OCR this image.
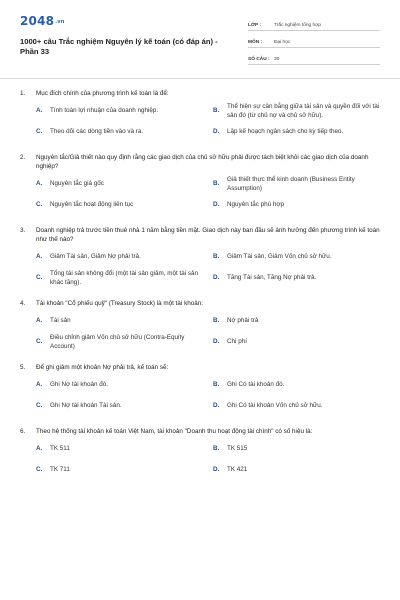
2048.vn
1000+ câu Trắc nghiệm Nguyên lý kế toán (có đáp án) - Phần 33
LỚP :	Trắc nghiệm tổng hợp
MÔN :	Đại học
SỐ CÂU : 30
1.	Mục đích chính của phương trình kế toán là để:
A.	Tính toán lợi nhuận của doanh nghiệp.	B.
Thể hiện sự cân bằng giữa tài sản và quyền đối với tài sản đó (từ chủ nợ và chủ sở hữu).
C.	Theo dõi các dòng tiền vào và ra.	D.	Lập kế hoạch ngân sách cho kỳ tiếp theo.
2.	Nguyên tắc/Giả thiết nào quy định rằng các giao dịch của chủ sở hữu phải được tách biệt khỏi các giao dịch của doanh nghiệp?
A.	Nguyên tắc giá gốc	B.
Giả thiết thực thể kinh doanh (Business Entity Assumption)
C.	Nguyên tắc hoạt động liên tục	D.	Nguyên tắc phù hợp
3.	Doanh nghiệp trả trước tiền thuê nhà 1 năm bằng tiền mặt. Giao dịch này ban đầu sẽ ảnh hưởng đến phương trình kế toán như thế nào?
A.	Giảm Tài sản, Giảm Nợ phải trả.	B.	Giảm Tài sản, Giảm Vốn chủ sở hữu.
C.
Tổng tài sản không đổi (một tài sản giảm, một tài sản khác tăng).
D.	Tăng Tài sản, Tăng Nợ phải trả.
4.	Tài khoản "Cổ phiếu quỹ" (Treasury Stock) là một tài khoản:
A.	Tài sản	B.	Nợ phải trả
C.
Điều chỉnh giảm Vốn chủ sở hữu (Contra-Equity Account)
D.	Chi phí
5.	Để ghi giảm một khoản Nợ phải trả, kế toán sẽ:
A.	Ghi Nợ tài khoản đó.	B.	Ghi Có tài khoản đó.
C.	Ghi Nợ tài khoản Tài sản.	D.	Ghi Có tài khoản Vốn chủ sở hữu.
6.	Theo hệ thống tài khoản kế toán Việt Nam, tài khoản "Doanh thu hoạt động tài chính" có số hiệu là:
A.	TK 511	B.	TK 515
C.	TK 711	D.	TK 421
